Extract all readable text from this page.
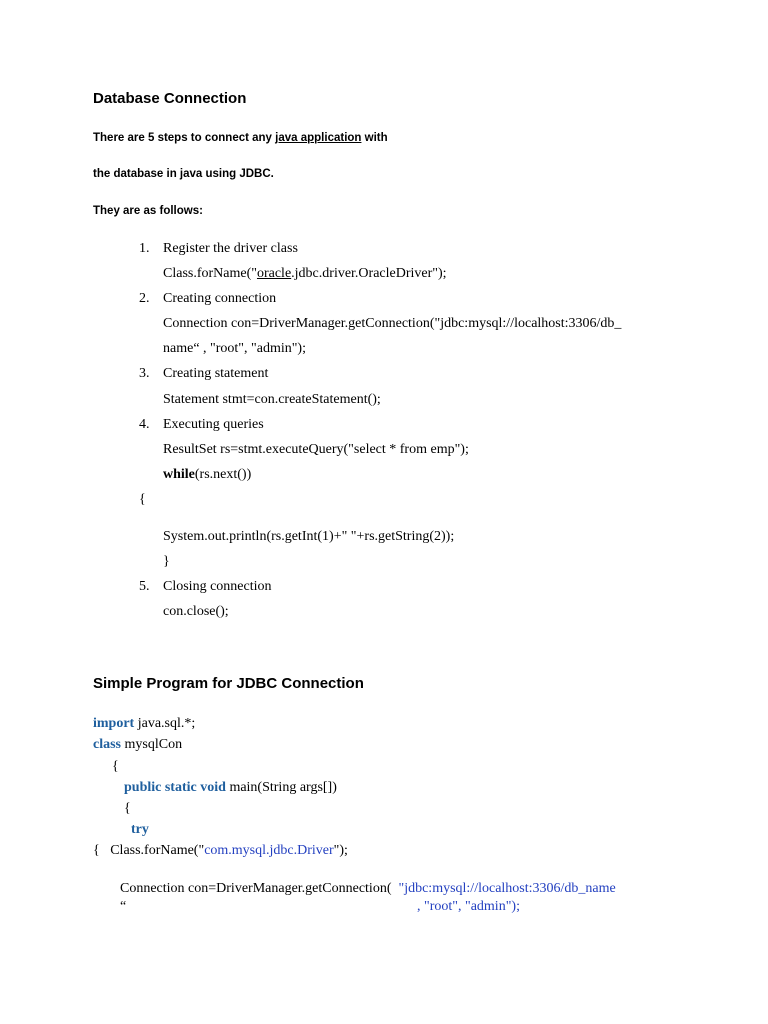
Database Connection
There are 5 steps to connect any java application with
the database in java using JDBC.
They are as follows:
1. Register the driver class
Class.forName("oracle.jdbc.driver.OracleDriver");
2. Creating connection
Connection con=DriverManager.getConnection("jdbc:mysql://localhost:3306/db_
name“ , "root", "admin");
3. Creating statement
Statement stmt=con.createStatement();
4. Executing queries
ResultSet rs=stmt.executeQuery("select * from emp");
while(rs.next())
{
System.out.println(rs.getInt(1)+" "+rs.getString(2));
}
5. Closing connection
con.close();
Simple Program for JDBC Connection
import java.sql.*;
class mysqlCon
{
public static void main(String args[])
{
try
{   Class.forName("com.mysql.jdbc.Driver");
Connection con=DriverManager.getConnection(  "jdbc:mysql://localhost:3306/db_name
“	, "root", "admin");
